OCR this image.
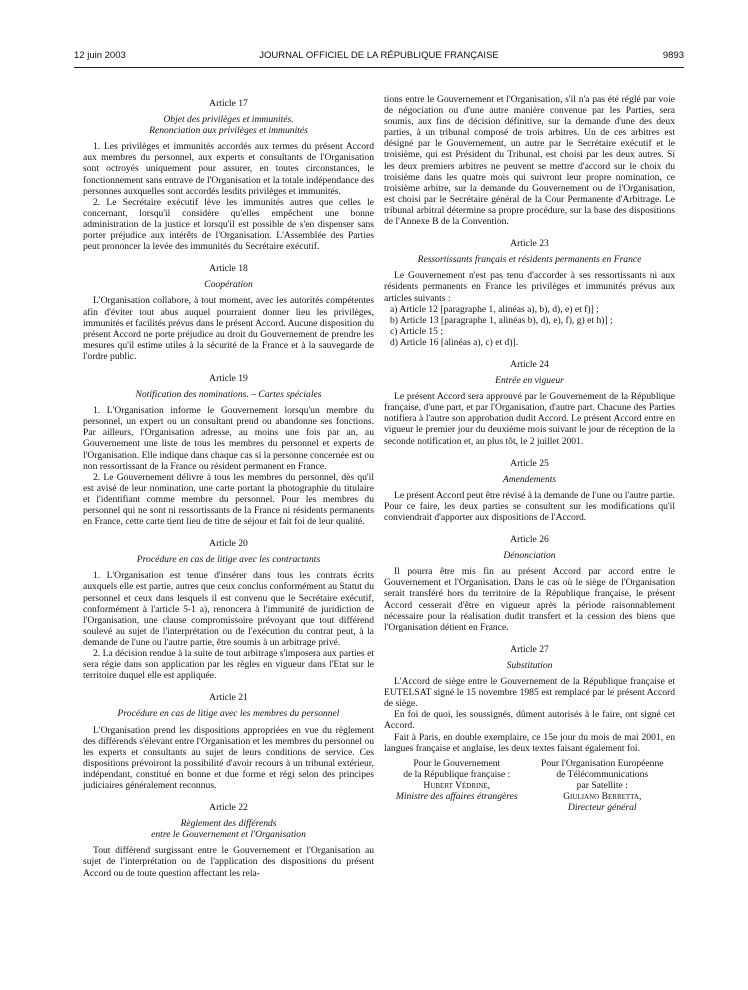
12 juin 2003	JOURNAL OFFICIEL DE LA RÉPUBLIQUE FRANÇAISE	9893
Article 17
Objet des privilèges et immunités.
Renonciation aux privilèges et immunités

1. Les privilèges et immunités accordés aux termes du présent Accord aux membres du personnel, aux experts et consultants de l'Organisation sont octroyés uniquement pour assurer, en toutes circonstances, le fonctionnement sans entrave de l'Organisation et la totale indépendance des personnes auxquelles sont accordés lesdits privilèges et immunités.

2. Le Secrétaire exécutif lève les immunités autres que celles le concernant, lorsqu'il considère qu'elles empêchent une bonne administration de la justice et lorsqu'il est possible de s'en dispenser sans porter préjudice aux intérêts de l'Organisation. L'Assemblée des Parties peut prononcer la levée des immunités du Secrétaire exécutif.

Article 18
Coopération

L'Organisation collabore, à tout moment, avec les autorités compétentes afin d'éviter tout abus auquel pourraient donner lieu les privilèges, immunités et facilités prévus dans le présent Accord. Aucune disposition du présent Accord ne porte préjudice au droit du Gouvernement de prendre les mesures qu'il estime utiles à la sécurité de la France et à la sauvegarde de l'ordre public.

Article 19
Notification des nominations. – Cartes spéciales

1. L'Organisation informe le Gouvernement lorsqu'un membre du personnel, un expert ou un consultant prend ou abandonne ses fonctions. Par ailleurs, l'Organisation adresse, au moins une fois par an, au Gouvernement une liste de tous les membres du personnel et experts de l'Organisation. Elle indique dans chaque cas si la personne concernée est ou non ressortissant de la France ou résident permanent en France.

2. Le Gouvernement délivre à tous les membres du personnel, dès qu'il est avisé de leur nomination, une carte portant la photographie du titulaire et l'identifiant comme membre du personnel. Pour les membres du personnel qui ne sont ni ressortissants de la France ni résidents permanents en France, cette carte tient lieu de titre de séjour et fait foi de leur qualité.

Article 20
Procédure en cas de litige avec les contractants

1. L'Organisation est tenue d'insérer dans tous les contrats écrits auxquels elle est partie, autres que ceux conclus conformément au Statut du personnel et ceux dans lesquels il est convenu que le Secrétaire exécutif, conformément à l'article 5-1 a), renoncera à l'immunité de juridiction de l'Organisation, une clause compromissoire prévoyant que tout différend soulevé au sujet de l'interprétation ou de l'exécution du contrat peut, à la demande de l'une ou l'autre partie, être soumis à un arbitrage privé.

2. La décision rendue à la suite de tout arbitrage s'imposera aux parties et sera régie dans son application par les règles en vigueur dans l'Etat sur le territoire duquel elle est appliquée.

Article 21
Procédure en cas de litige avec les membres du personnel

L'Organisation prend les dispositions appropriées en vue du règlement des différends s'élevant entre l'Organisation et les membres du personnel ou les experts et consultants au sujet de leurs conditions de service. Ces dispositions prévoiront la possibilité d'avoir recours à un tribunal extérieur, indépendant, constitué en bonne et due forme et régi selon des principes judiciaires généralement reconnus.

Article 22
Règlement des différends
entre le Gouvernement et l'Organisation

Tout différend surgissant entre le Gouvernement et l'Organisation au sujet de l'interprétation ou de l'application des dispositions du présent Accord ou de toute question affectant les rela-

tions entre le Gouvernement et l'Organisation, s'il n'a pas été réglé par voie de négociation ou d'une autre manière convenue par les Parties, sera soumis, aux fins de décision définitive, sur la demande d'une des deux parties, à un tribunal composé de trois arbitres. Un de ces arbitres est désigné par le Gouvernement, un autre par le Secrétaire exécutif et le troisième, qui est Président du Tribunal, est choisi par les deux autres. Si les deux premiers arbitres ne peuvent se mettre d'accord sur le choix du troisième dans les quatre mois qui suivront leur propre nomination, ce troisième arbitre, sur la demande du Gouvernement ou de l'Organisation, est choisi par le Secrétaire général de la Cour Permanente d'Arbitrage. Le tribunal arbitral détermine sa propre procédure, sur la base des dispositions de l'Annexe B de la Convention.

Article 23
Ressortissants français et résidents permanents en France

Le Gouvernement n'est pas tenu d'accorder à ses ressortissants ni aux résidents permanents en France les privilèges et immunités prévus aux articles suivants :

a) Article 12 [paragraphe 1, alinéas a), b), d), e) et f)] ;

b) Article 13 [paragraphe 1, alinéas b), d), e), f), g) et h)] ;

c) Article 15 ;

d) Article 16 [alinéas a), c) et d)].

Article 24
Entrée en vigueur

Le présent Accord sera approuvé par le Gouvernement de la République française, d'une part, et par l'Organisation, d'autre part. Chacune des Parties notifiera à l'autre son approbation dudit Accord. Le présent Accord entre en vigueur le premier jour du deuxième mois suivant le jour de réception de la seconde notification et, au plus tôt, le 2 juillet 2001.

Article 25
Amendements

Le présent Accord peut être révisé à la demande de l'une ou l'autre partie. Pour ce faire, les deux parties se consultent sur les modifications qu'il conviendrait d'apporter aux dispositions de l'Accord.

Article 26
Dénonciation

Il pourra être mis fin au présent Accord par accord entre le Gouvernement et l'Organisation. Dans le cas où le siège de l'Organisation serait transféré hors du territoire de la République française, le présent Accord cesserait d'être en vigueur après la période raisonnablement nécessaire pour la réalisation dudit transfert et la cession des biens que l'Organisation détient en France.

Article 27
Substitution

L'Accord de siège entre le Gouvernement de la République française et EUTELSAT signé le 15 novembre 1985 est remplacé par le présent Accord de siège.

En foi de quoi, les soussignés, dûment autorisés à le faire, ont signé cet Accord.

Fait à Paris, en double exemplaire, ce 15e jour du mois de mai 2001, en langues française et anglaise, les deux textes faisant également foi.

Pour le Gouvernement
de la République française :
Hubert Védrine,
Ministre des affaires étrangères
Pour l'Organisation Européenne
de Télécommunications
par Satellite :
Giuliano Berretta,
Directeur général
